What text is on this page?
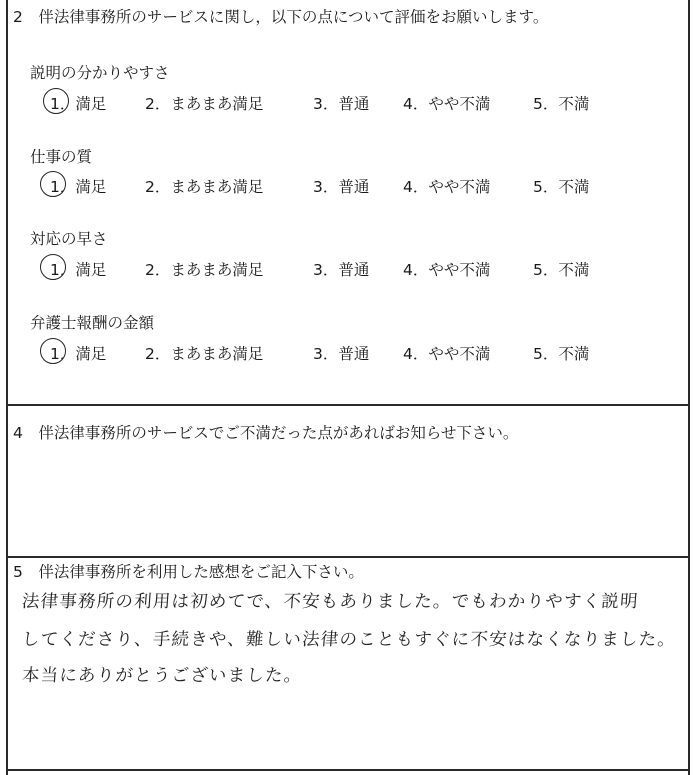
2　伴法律事務所のサービスに関し，以下の点について評価をお願いします。
説明の分かりやすさ
1．満足 2．まあまあ満足	3．普通 4．やや不満	5．不満
仕事の質
1．満足 2．まあまあ満足	3．普通 4．やや不満	5．不満
対応の早さ
1．満足 2．まあまあ満足	3．普通 4．やや不満	5．不満
弁護士報酬の金額
1．満足 2．まあまあ満足	3．普通 4．やや不満	5．不満
4　伴法律事務所のサービスでご不満だった点があればお知らせ下さい。
5　伴法律事務所を利用した感想をご記入下さい。
法律事務所の利用は初めてで、不安もありました。でもわかりやすく説明
してくださり、手続きや、難しい法律のこともすぐに不安はなくなりました。
本当にありがとうございました。
